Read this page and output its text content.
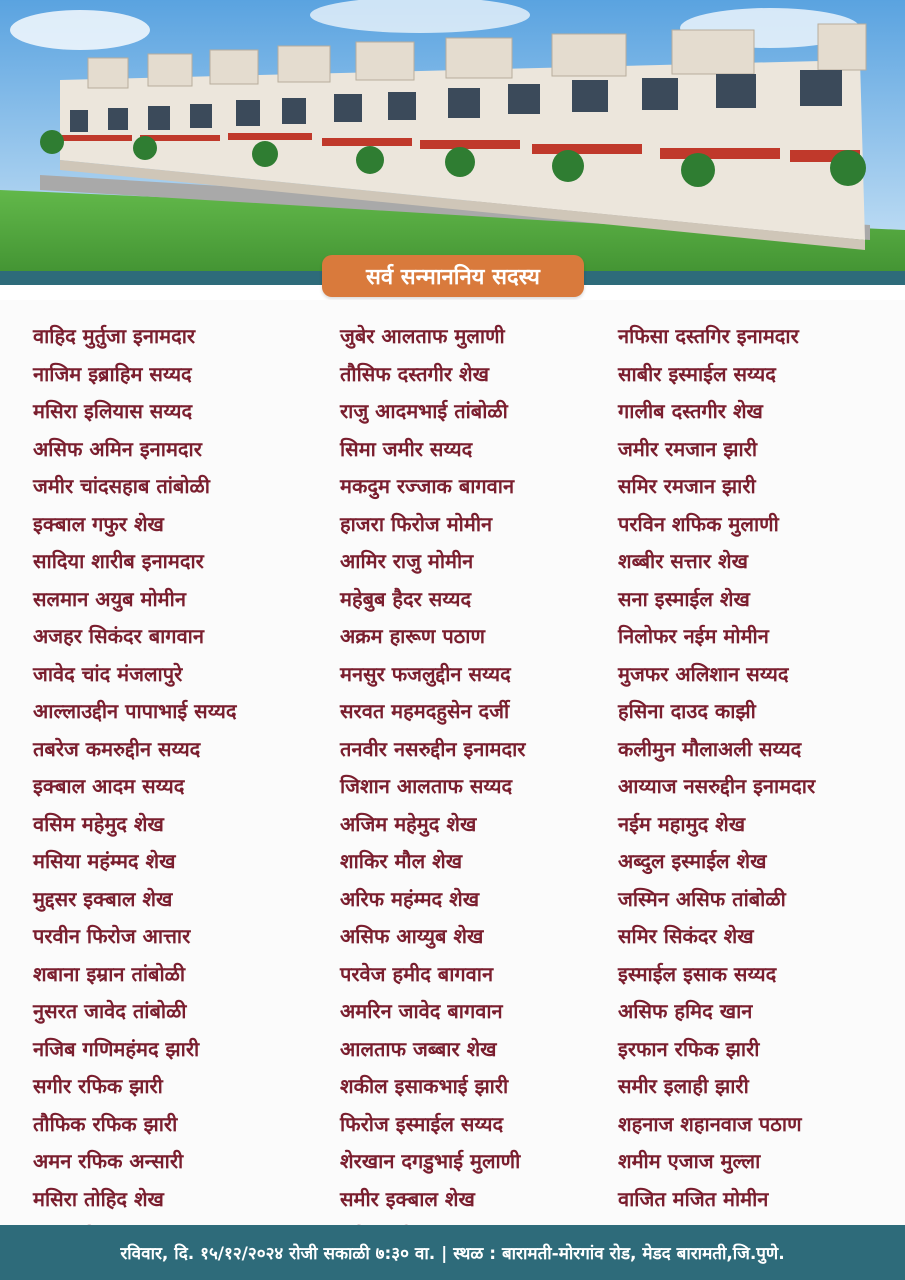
सर्व सन्माननिय सदस्य
वाहिद मुर्तुजा इनामदार
नाजिम इब्राहिम सय्यद
मसिरा इलियास सय्यद
असिफ अमिन इनामदार
जमीर चांदसहाब तांबोळी
इक्बाल गफुर शेख
सादिया शारीब इनामदार
सलमान अयुब मोमीन
अजहर सिकंदर बागवान
जावेद चांद मंजलापुरे
आल्लाउद्दीन पापाभाई सय्यद
तबरेज कमरुद्दीन सय्यद
इक्बाल आदम सय्यद
वसिम महेमुद शेख
मसिया महंम्मद शेख
मुद्दसर इक्बाल शेख
परवीन फिरोज आत्तार
शबाना इम्रान तांबोळी
नुसरत जावेद तांबोळी
नजिब गणिमहंमद झारी
सगीर रफिक झारी
तौफिक रफिक झारी
अमन रफिक अन्सारी
मसिरा तोहिद शेख
जुबेर आलताफ मुलाणी
तौसिफ दस्तगीर शेख
राजु आदमभाई तांबोळी
सिमा जमीर सय्यद
मकदुम रज्जाक बागवान
हाजरा फिरोज मोमीन
आमिर राजु मोमीन
महेबुब हैदर सय्यद
अक्रम हारूण पठाण
मनसुर फजलुद्दीन सय्यद
सरवत महमदहुसेन दर्जी
तनवीर नसरुद्दीन इनामदार
जिशान आलताफ सय्यद
अजिम महेमुद शेख
शाकिर मौल शेख
अरिफ महंम्मद शेख
असिफ आय्युब शेख
परवेज हमीद बागवान
अमरिन जावेद बागवान
आलताफ जब्बार शेख
शकील इसाकभाई झारी
फिरोज इस्माईल सय्यद
शेरखान दगडुभाई मुलाणी
समीर इक्बाल शेख
नफिसा दस्तगिर इनामदार
साबीर इस्माईल सय्यद
गालीब दस्तगीर शेख
जमीर रमजान झारी
समिर रमजान झारी
परविन शफिक मुलाणी
शब्बीर सत्तार शेख
सना इस्माईल शेख
निलोफर नईम मोमीन
मुजफर अलिशान सय्यद
हसिना दाउद काझी
कलीमुन मौलाअली सय्यद
आय्याज नसरुद्दीन इनामदार
नईम महामुद शेख
अब्दुल इस्माईल शेख
जस्मिन असिफ तांबोळी
समिर सिकंदर शेख
इस्माईल इसाक सय्यद
असिफ हमिद खान
इरफान रफिक झारी
समीर इलाही झारी
शहनाज शहानवाज पठाण
शमीम एजाज मुल्ला
वाजित मजित मोमीन
रविवार, दि. १५/१२/२०२४ रोजी सकाळी ७:३० वा. | स्थळ : बारामती-मोरगांव रोड, मेडद बारामती,जि.पुणे.
